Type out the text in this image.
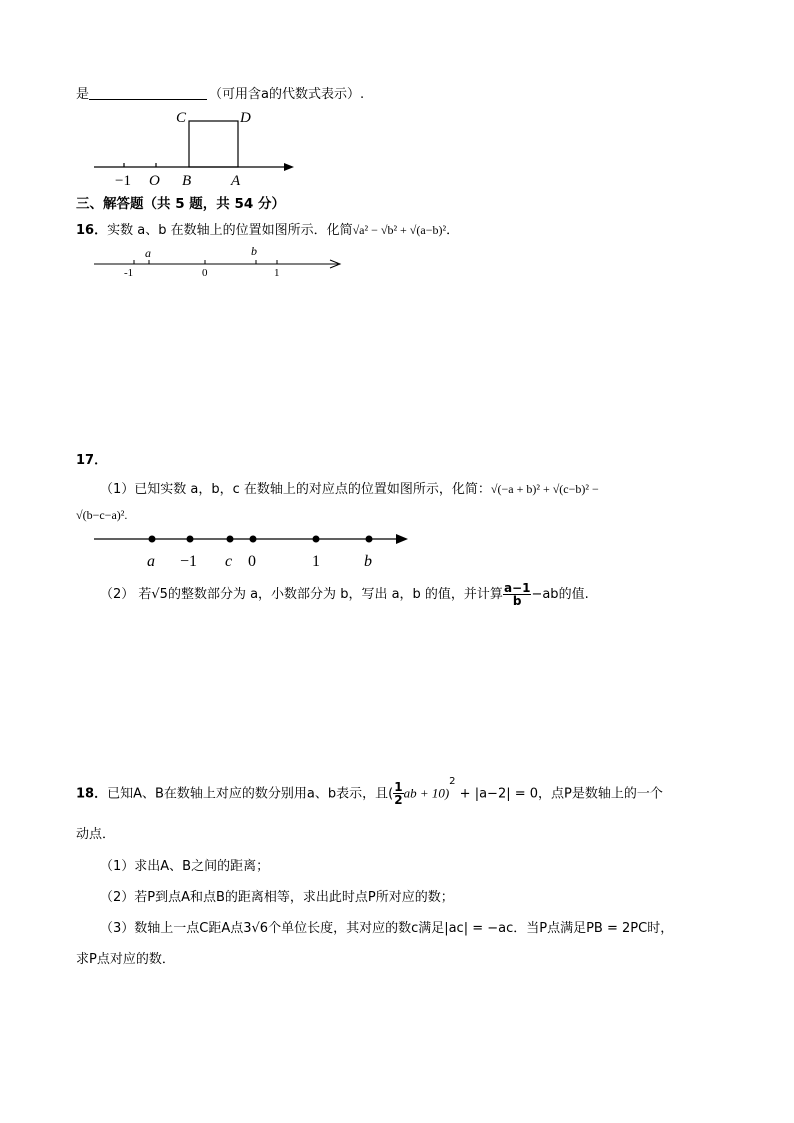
是	（可用含a的代数式表示）.
C	D
−1 O B	A
三、解答题（共 5 题，共 54 分）
16．实数 a、b 在数轴上的位置如图所示．化简√a² − √b² + √(a−b)²．
a	b
-1	0	1
17．
（1）已知实数 a，b，c 在数轴上的对应点的位置如图所示，化简：√(−a + b)² + √(c−b)² −
√(b−c−a)².
a −1 c 0	1	b
（2） 若√5的整数部分为 a，小数部分为 b，写出 a，b 的值，并计算 $\frac{a-1}{b} -ab$的值.
18．已知A、B在数轴上对应的数分别用a、b表示，且( $\frac{1}{2}$ ab + 10)$^2$ + |a−2| = 0，点P是数轴上的一个
动点．
（1）求出A、B之间的距离；
（2）若P到点A和点B的距离相等，求出此时点P所对应的数；
（3）数轴上一点C距A点3√6个单位长度，其对应的数c满足|ac| = −ac．当P点满足PB = 2PC时，
求P点对应的数．
